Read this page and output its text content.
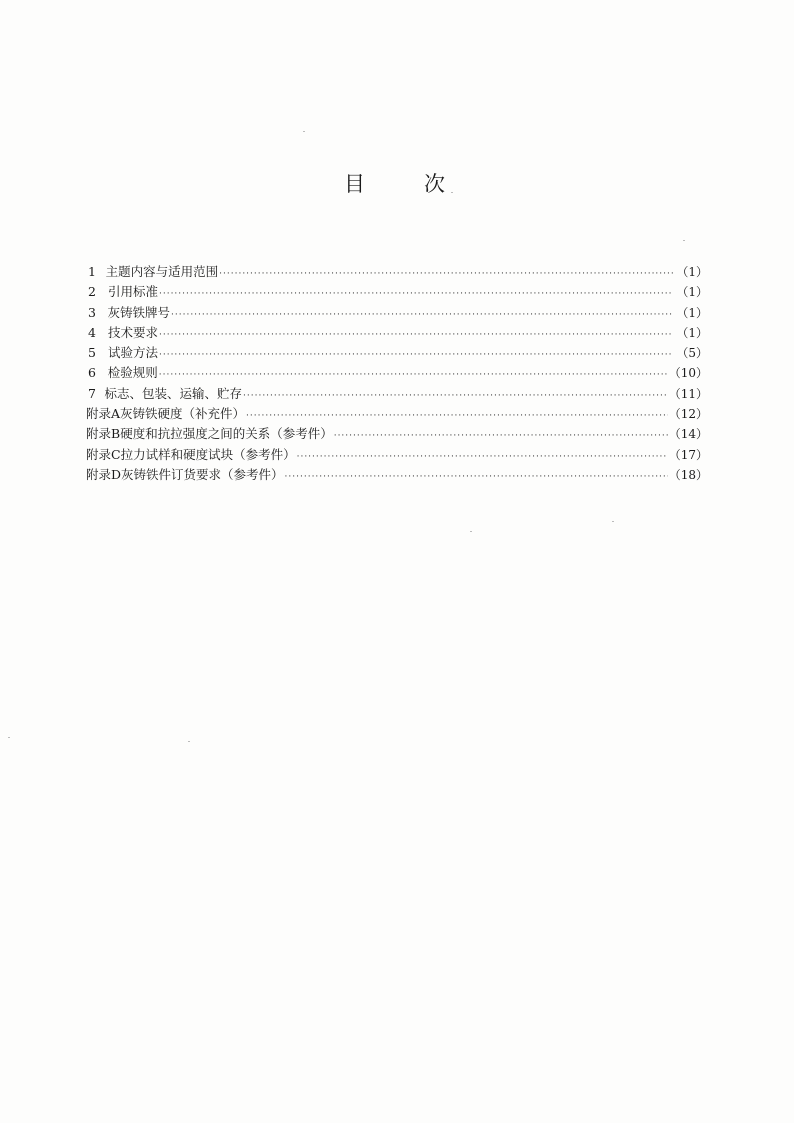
目	次
1 主题内容与适用范围 ·····	（1）
2 引用标准 ·····	（1）
3 灰铸铁牌号 ·····	（1）
4 技术要求 ·····	（1）
5 试验方法 ·····	（5）
6 检验规则 ·····	（10）
7 标志、包装、运输、贮存 ·····	（11）
附录A 灰铸铁硬度（补充件） ·····	（12）
附录B 硬度和抗拉强度之间的关系（参考件） ·····	（14）
附录C 拉力试样和硬度试块（参考件） ·····	（17）
附录D 灰铸铁件订货要求（参考件） ·····	（18）
